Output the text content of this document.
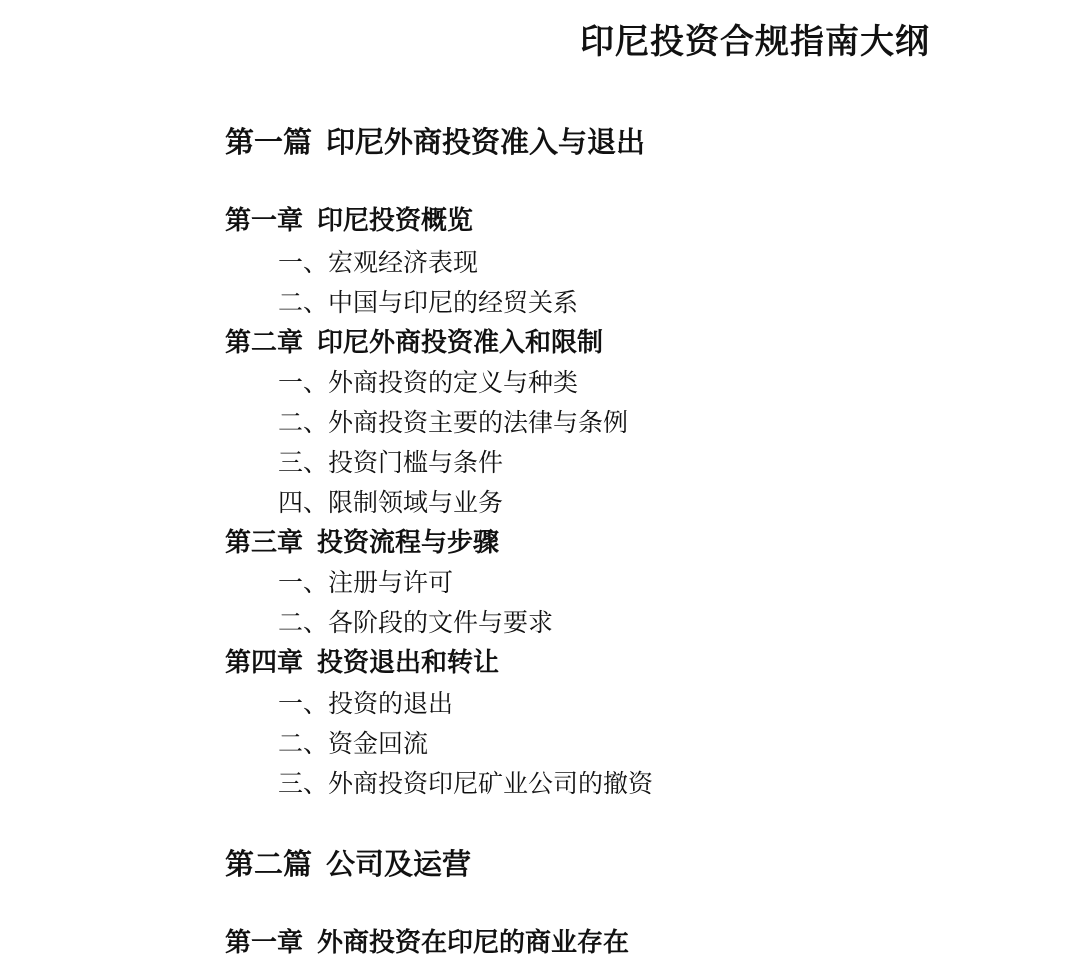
印尼投资合规指南大纲
第一篇 印尼外商投资准入与退出
第一章 印尼投资概览
一、宏观经济表现
二、中国与印尼的经贸关系
第二章 印尼外商投资准入和限制
一、外商投资的定义与种类
二、外商投资主要的法律与条例
三、投资门槛与条件
四、限制领域与业务
第三章 投资流程与步骤
一、注册与许可
二、各阶段的文件与要求
第四章 投资退出和转让
一、投资的退出
二、资金回流
三、外商投资印尼矿业公司的撤资
第二篇 公司及运营
第一章 外商投资在印尼的商业存在
